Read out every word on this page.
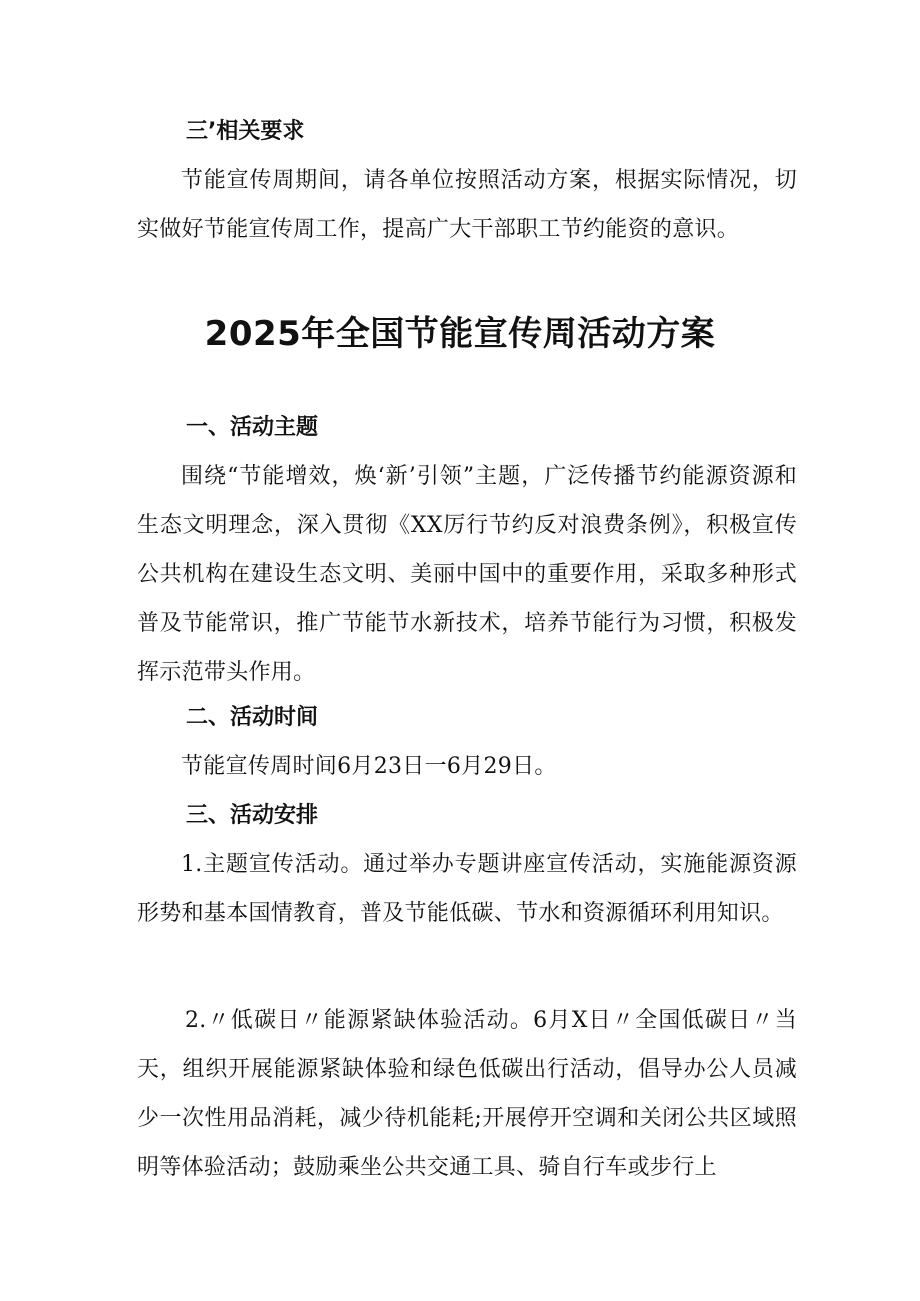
三’相关要求

节能宣传周期间，请各单位按照活动方案，根据实际情况，切实做好节能宣传周工作，提高广大干部职工节约能资的意识。

2025年全国节能宣传周活动方案
一、活动主题

围绕“节能增效，焕‘新’引领”主题，广泛传播节约能源资源和生态文明理念，深入贯彻《XX厉行节约反对浪费条例》，积极宣传公共机构在建设生态文明、美丽中国中的重要作用，采取多种形式普及节能常识，推广节能节水新技术，培养节能行为习惯，积极发挥示范带头作用。

二、活动时间

节能宣传周时间6月23日一6月29日。

三、活动安排

1.主题宣传活动。通过举办专题讲座宣传活动，实施能源资源形势和基本国情教育，普及节能低碳、节水和资源循环利用知识。

2.〃低碳日〃能源紧缺体验活动。6月X日〃全国低碳日〃当天，组织开展能源紧缺体验和绿色低碳出行活动，倡导办公人员减少一次性用品消耗，减少待机能耗;开展停开空调和关闭公共区域照明等体验活动；鼓励乘坐公共交通工具、骑自行车或步行上
